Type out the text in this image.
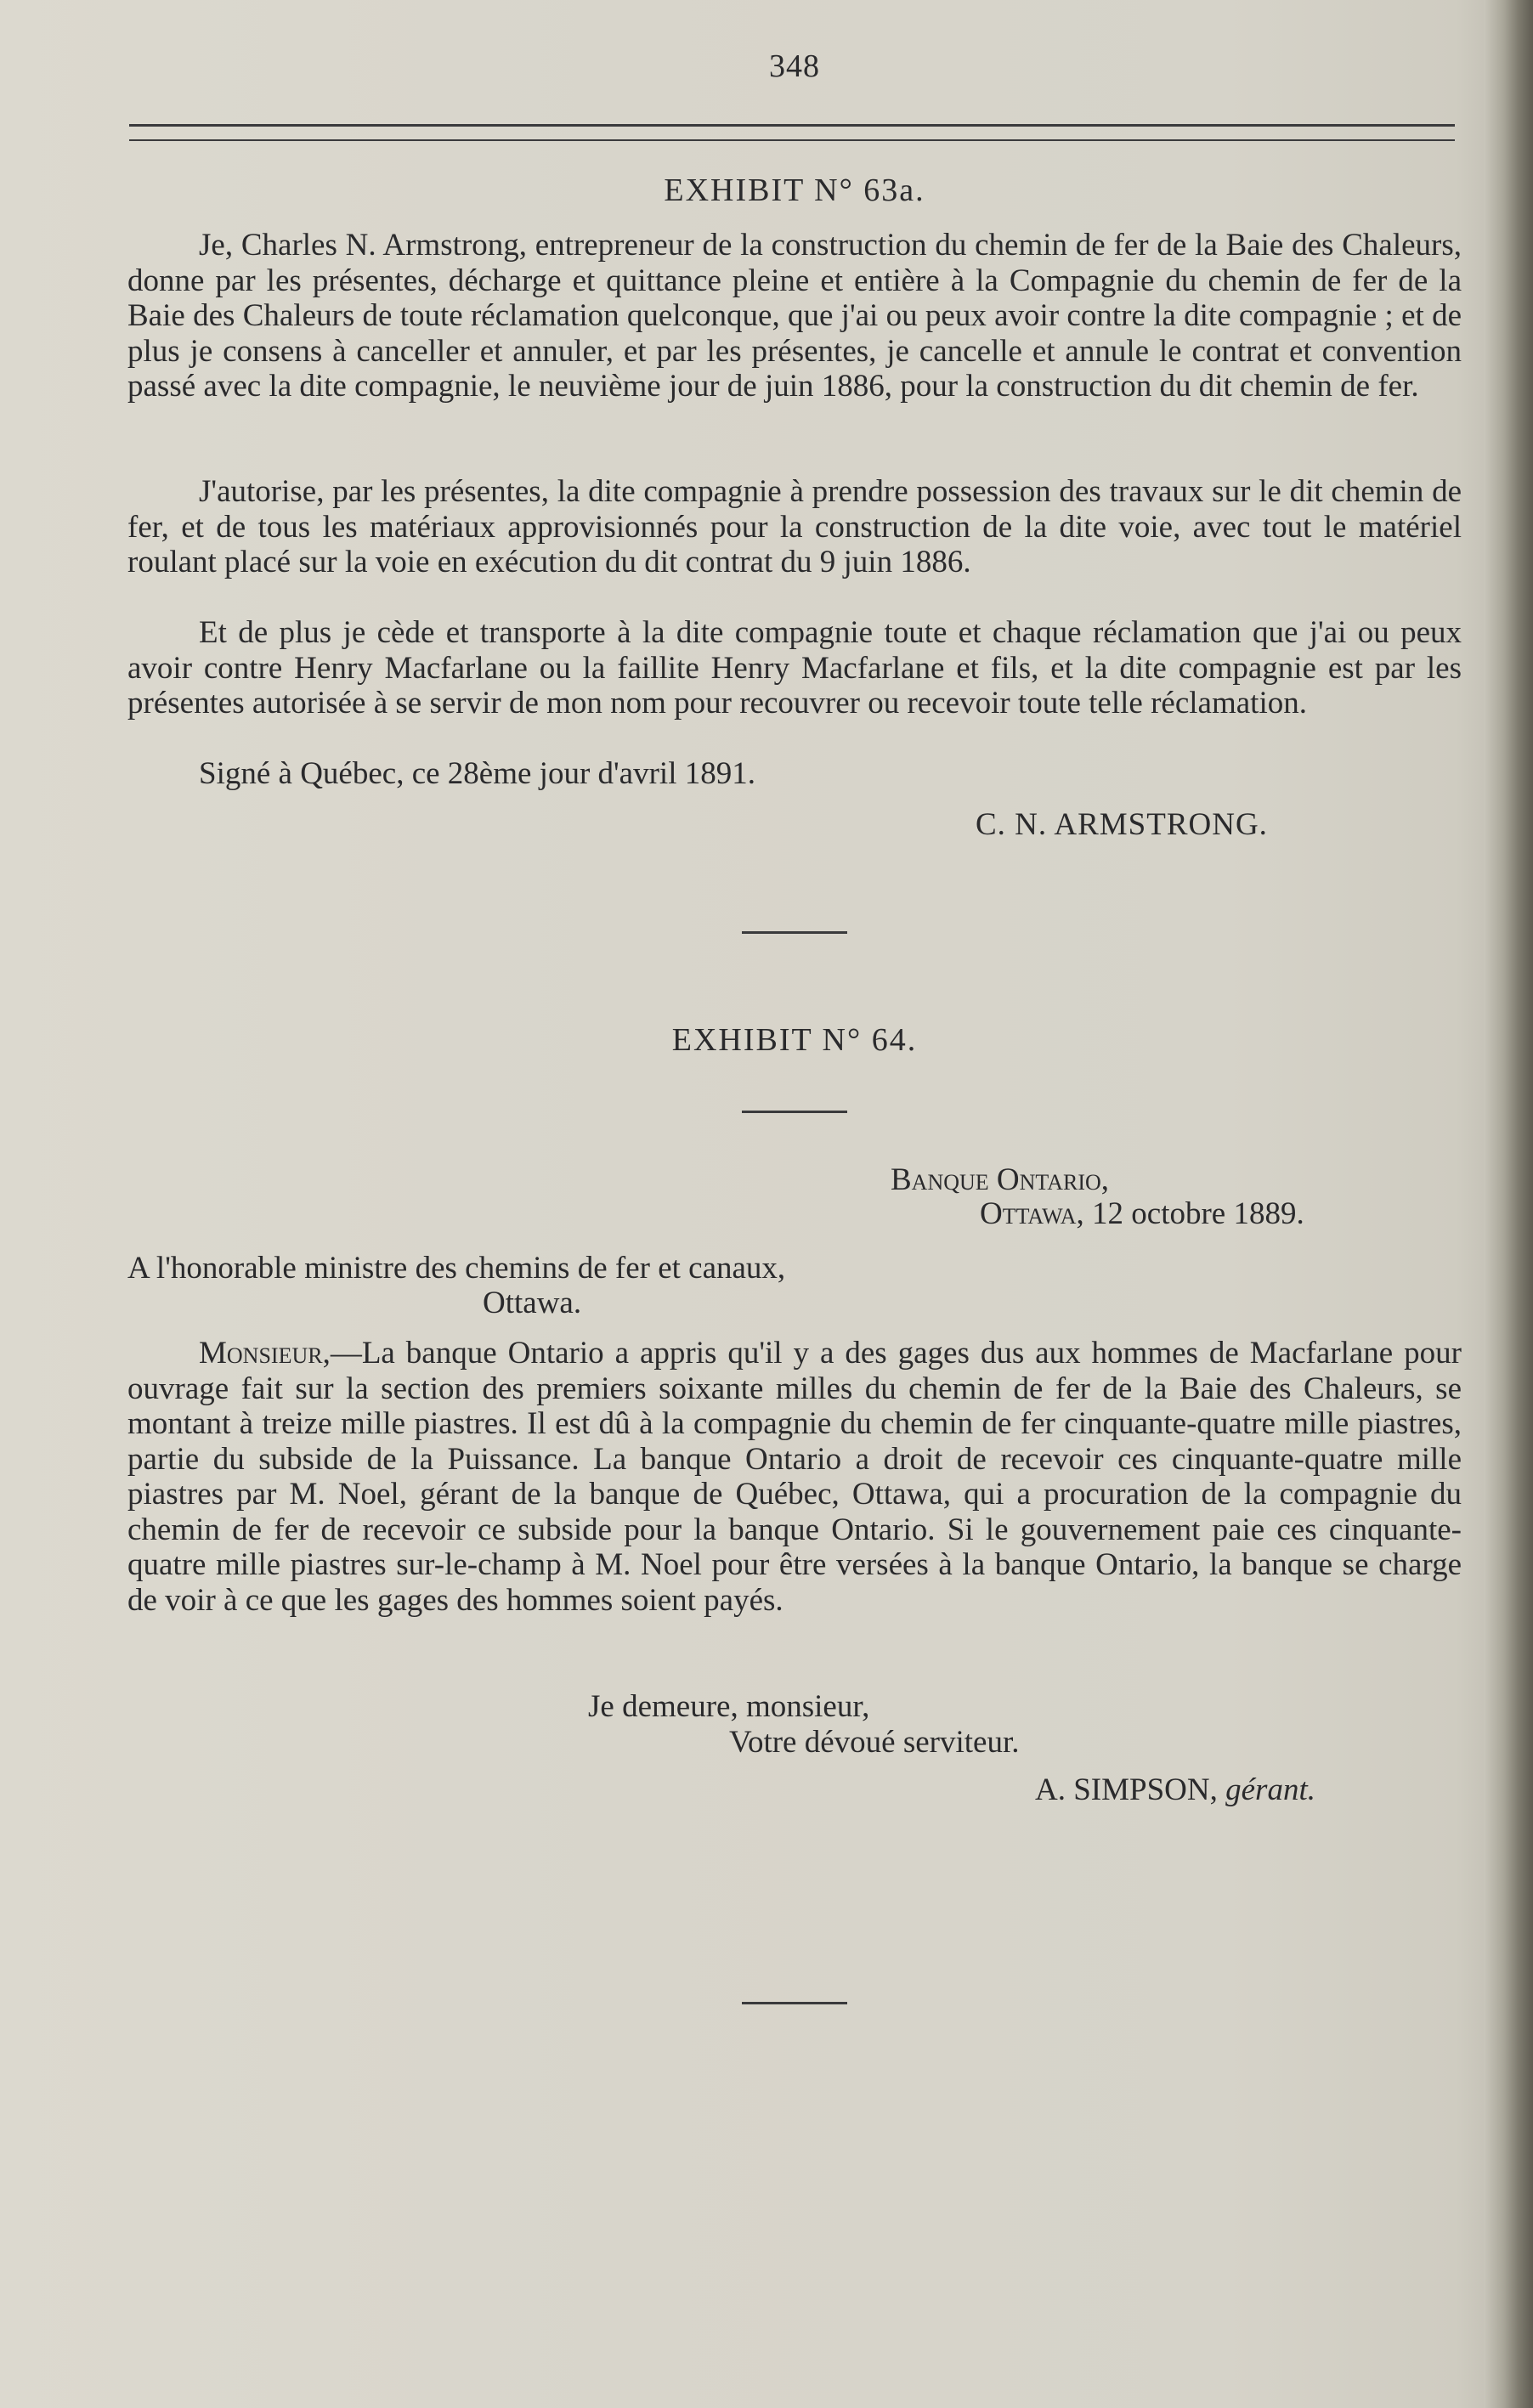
348
EXHIBIT N° 63a.

Je, Charles N. Armstrong, entrepreneur de la construction du chemin de fer de la Baie des Chaleurs, donne par les présentes, décharge et quittance pleine et entière à la Compagnie du chemin de fer de la Baie des Chaleurs de toute réclamation quelconque, que j'ai ou peux avoir contre la dite compagnie ; et de plus je consens à canceller et annuler, et par les présentes, je cancelle et annule le contrat et convention passé avec la dite compagnie, le neuvième jour de juin 1886, pour la construction du dit chemin de fer.

J'autorise, par les présentes, la dite compagnie à prendre possession des travaux sur le dit chemin de fer, et de tous les matériaux approvisionnés pour la construction de la dite voie, avec tout le matériel roulant placé sur la voie en exécution du dit contrat du 9 juin 1886.

Et de plus je cède et transporte à la dite compagnie toute et chaque réclamation que j'ai ou peux avoir contre Henry Macfarlane ou la faillite Henry Macfarlane et fils, et la dite compagnie est par les présentes autorisée à se servir de mon nom pour recouvrer ou recevoir toute telle réclamation.

Signé à Québec, ce 28ème jour d'avril 1891.

C. N. ARMSTRONG.
EXHIBIT N° 64.
Banque Ontario,
Ottawa, 12 octobre 1889.
A l'honorable ministre des chemins de fer et canaux,
Ottawa.

Monsieur,—La banque Ontario a appris qu'il y a des gages dus aux hommes de Macfarlane pour ouvrage fait sur la section des premiers soixante milles du chemin de fer de la Baie des Chaleurs, se montant à treize mille piastres. Il est dû à la compagnie du chemin de fer cinquante-quatre mille piastres, partie du subside de la Puissance. La banque Ontario a droit de recevoir ces cinquante-quatre mille piastres par M. Noel, gérant de la banque de Québec, Ottawa, qui a procuration de la compagnie du chemin de fer de recevoir ce subside pour la banque Ontario. Si le gouvernement paie ces cinquante-quatre mille piastres sur-le-champ à M. Noel pour être versées à la banque Ontario, la banque se charge de voir à ce que les gages des hommes soient payés.

Je demeure, monsieur,
Votre dévoué serviteur.
A. SIMPSON, gérant.
